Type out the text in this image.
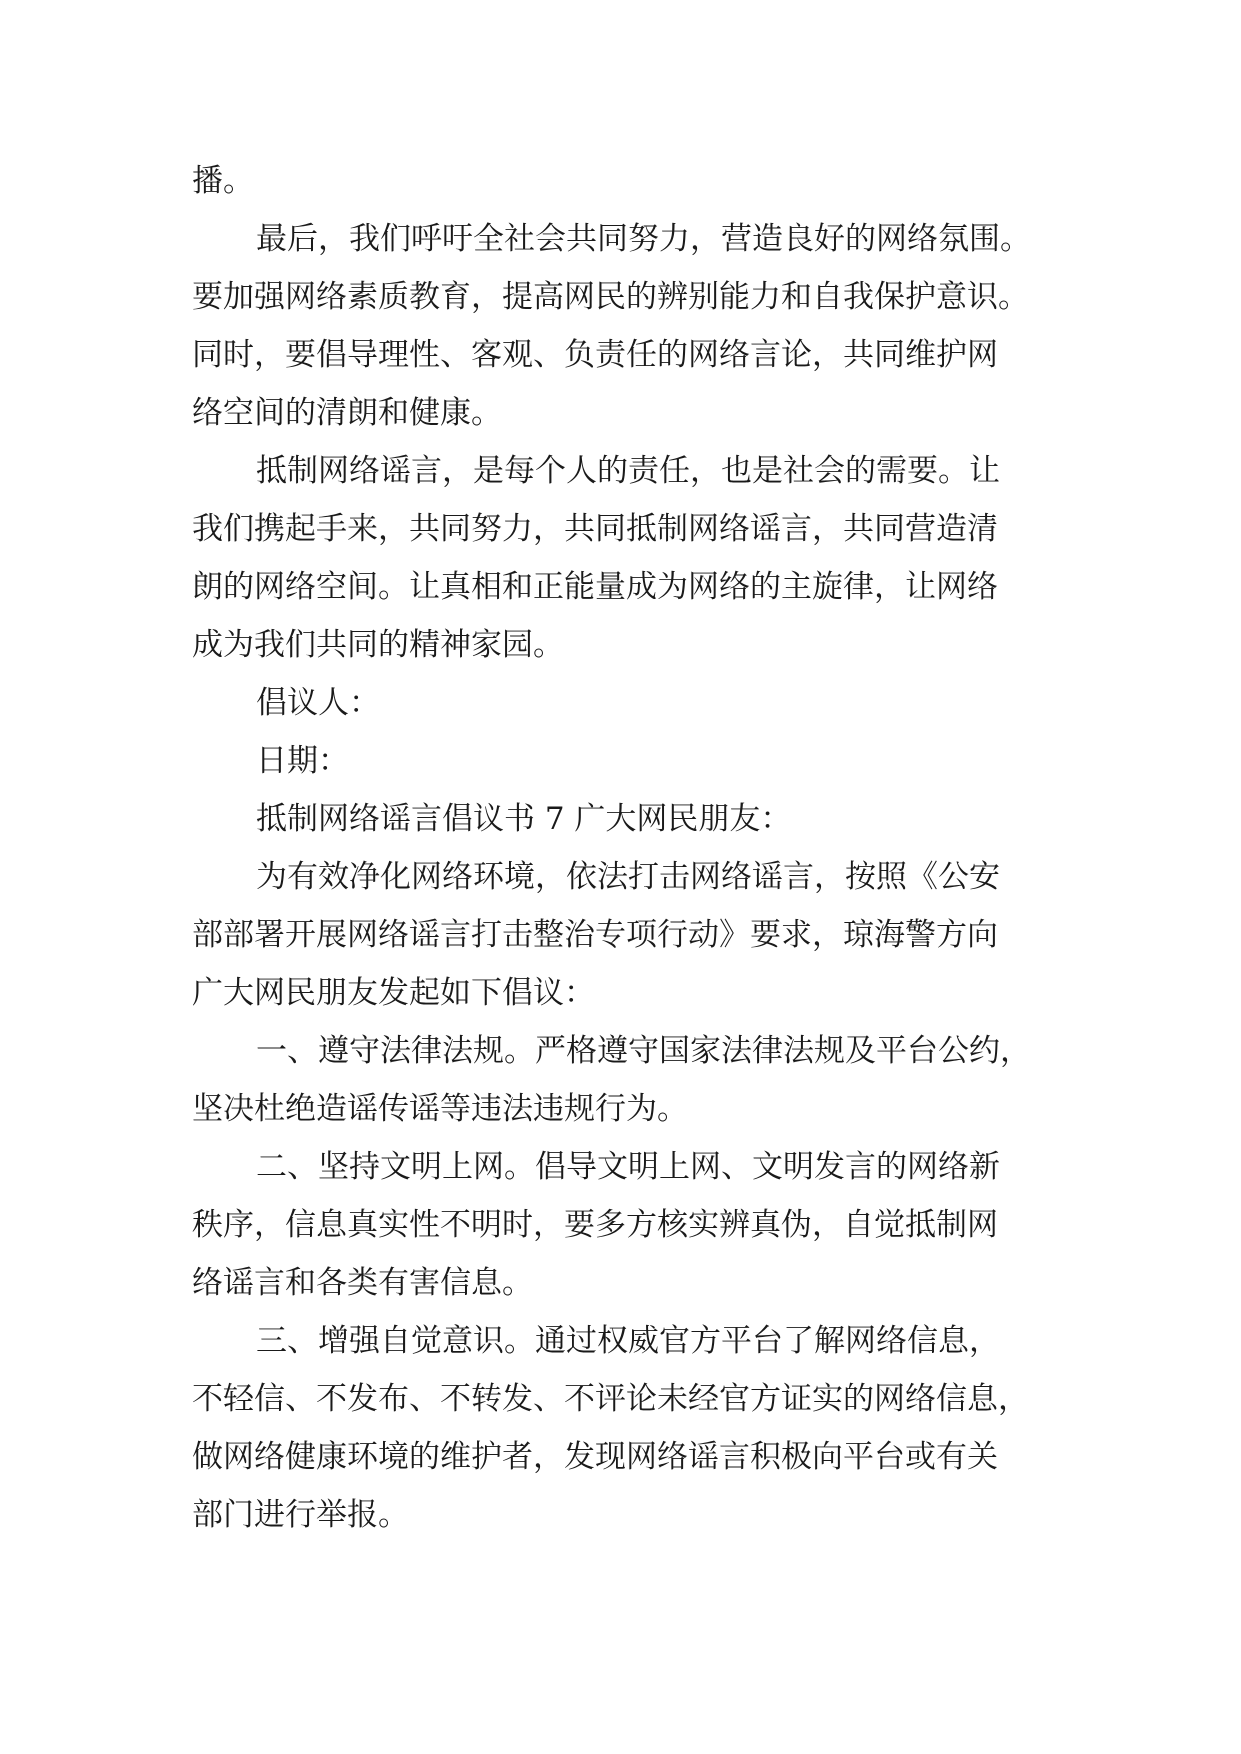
播。
最后，我们呼吁全社会共同努力，营造良好的网络氛围。
要加强网络素质教育，提高网民的辨别能力和自我保护意识。
同时，要倡导理性、客观、负责任的网络言论，共同维护网
络空间的清朗和健康。
抵制网络谣言，是每个人的责任，也是社会的需要。让
我们携起手来，共同努力，共同抵制网络谣言，共同营造清
朗的网络空间。让真相和正能量成为网络的主旋律，让网络
成为我们共同的精神家园。
倡议人：
日期：
抵制网络谣言倡议书 7 广大网民朋友：
为有效净化网络环境，依法打击网络谣言，按照《公安
部部署开展网络谣言打击整治专项行动》要求，琼海警方向
广大网民朋友发起如下倡议：
一、遵守法律法规。严格遵守国家法律法规及平台公约，
坚决杜绝造谣传谣等违法违规行为。
二、坚持文明上网。倡导文明上网、文明发言的网络新
秩序，信息真实性不明时，要多方核实辨真伪，自觉抵制网
络谣言和各类有害信息。
三、增强自觉意识。通过权威官方平台了解网络信息，
不轻信、不发布、不转发、不评论未经官方证实的网络信息，
做网络健康环境的维护者，发现网络谣言积极向平台或有关
部门进行举报。
